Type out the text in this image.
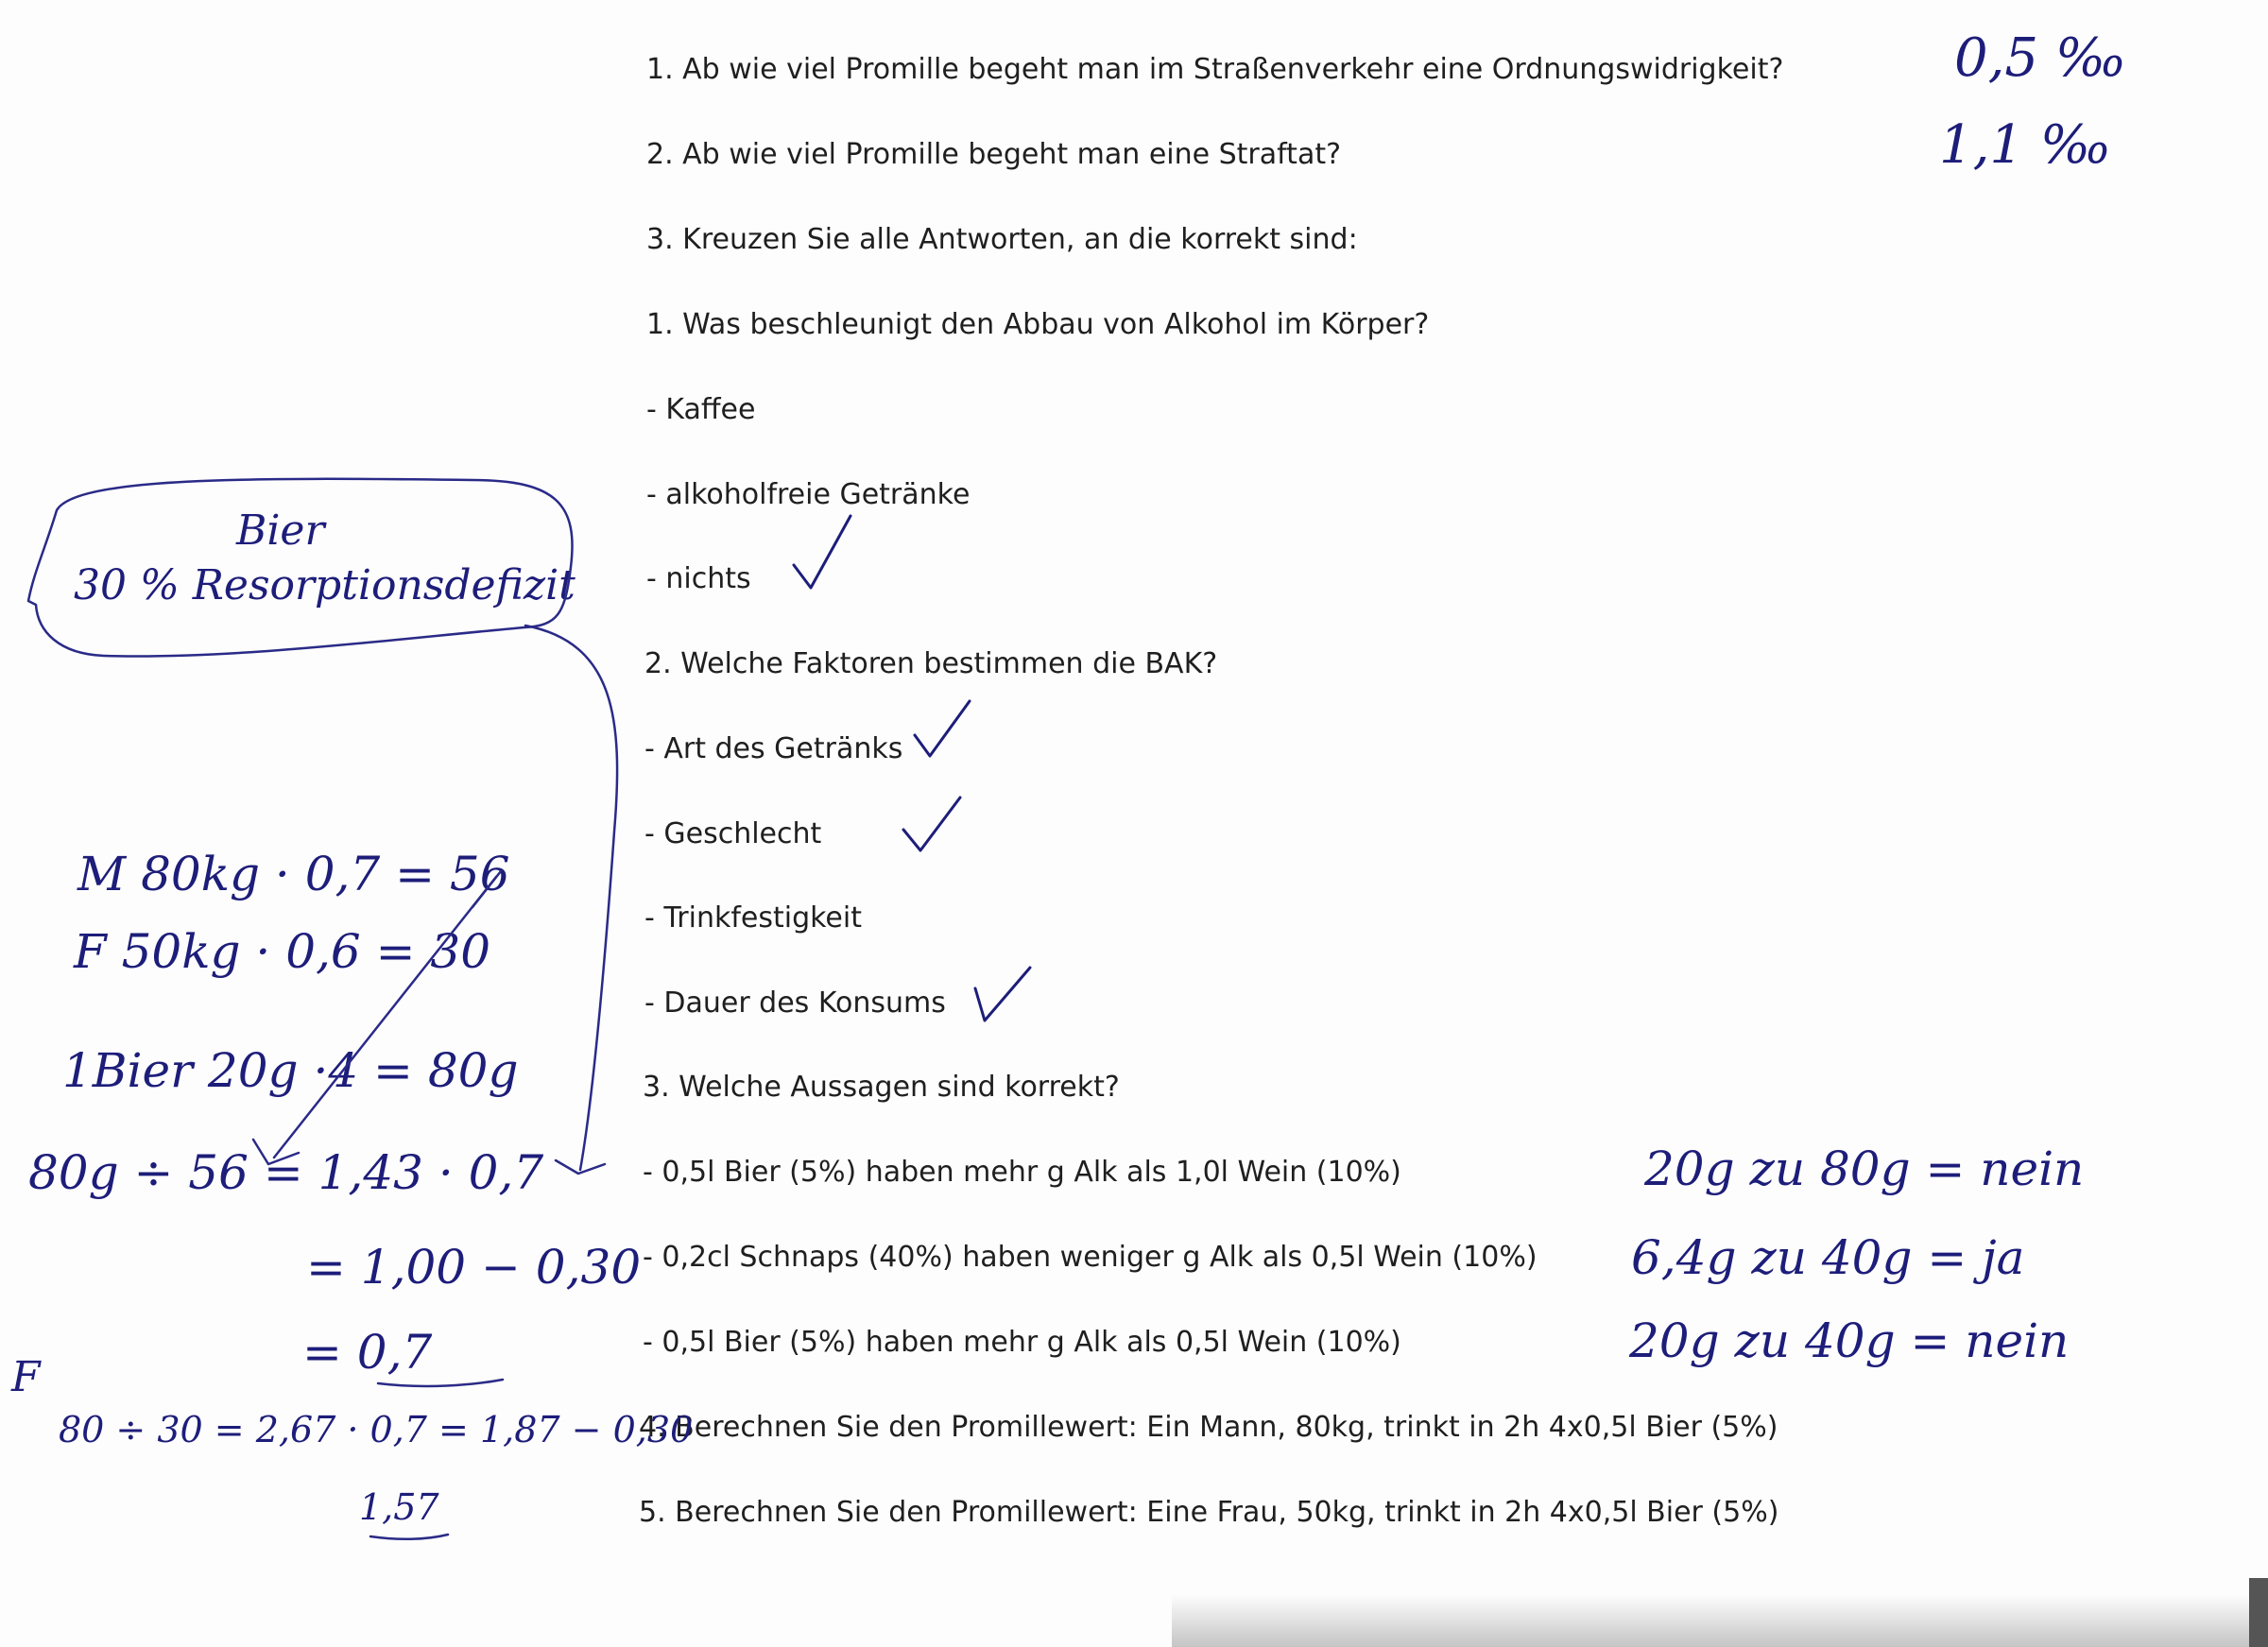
1. Ab wie viel Promille begeht man im Straßenverkehr eine Ordnungswidrigkeit?

2. Ab wie viel Promille begeht man eine Straftat?

3. Kreuzen Sie alle Antworten, an die korrekt sind:

1. Was beschleunigt den Abbau von Alkohol im Körper?

- Kaffee

- alkoholfreie Getränke

- nichts

2. Welche Faktoren bestimmen die BAK?

- Art des Getränks

- Geschlecht

- Trinkfestigkeit

- Dauer des Konsums

3. Welche Aussagen sind korrekt?

- 0,5l Bier (5%) haben mehr g Alk als 1,0l Wein (10%)

- 0,2cl Schnaps (40%) haben weniger g Alk als 0,5l Wein (10%)

- 0,5l Bier (5%) haben mehr g Alk als 0,5l Wein (10%)

4. Berechnen Sie den Promillewert: Ein Mann, 80kg, trinkt in 2h 4x0,5l Bier (5%)

5. Berechnen Sie den Promillewert: Eine Frau, 50kg, trinkt in 2h 4x0,5l Bier (5%)

0,5 ‰

1,1 ‰

Bier

30 % Resorptionsdefizit

M 80kg · 0,7 = 56

F 50kg · 0,6 = 30

1Bier 20g ·4 = 80g

80g ÷ 56 = 1,43 · 0,7

= 1,00 − 0,30

= 0,7

F

80 ÷ 30 = 2,67 · 0,7 = 1,87 − 0,30

1,57

20g zu 80g = nein

6,4g zu 40g = ja

20g zu 40g = nein
